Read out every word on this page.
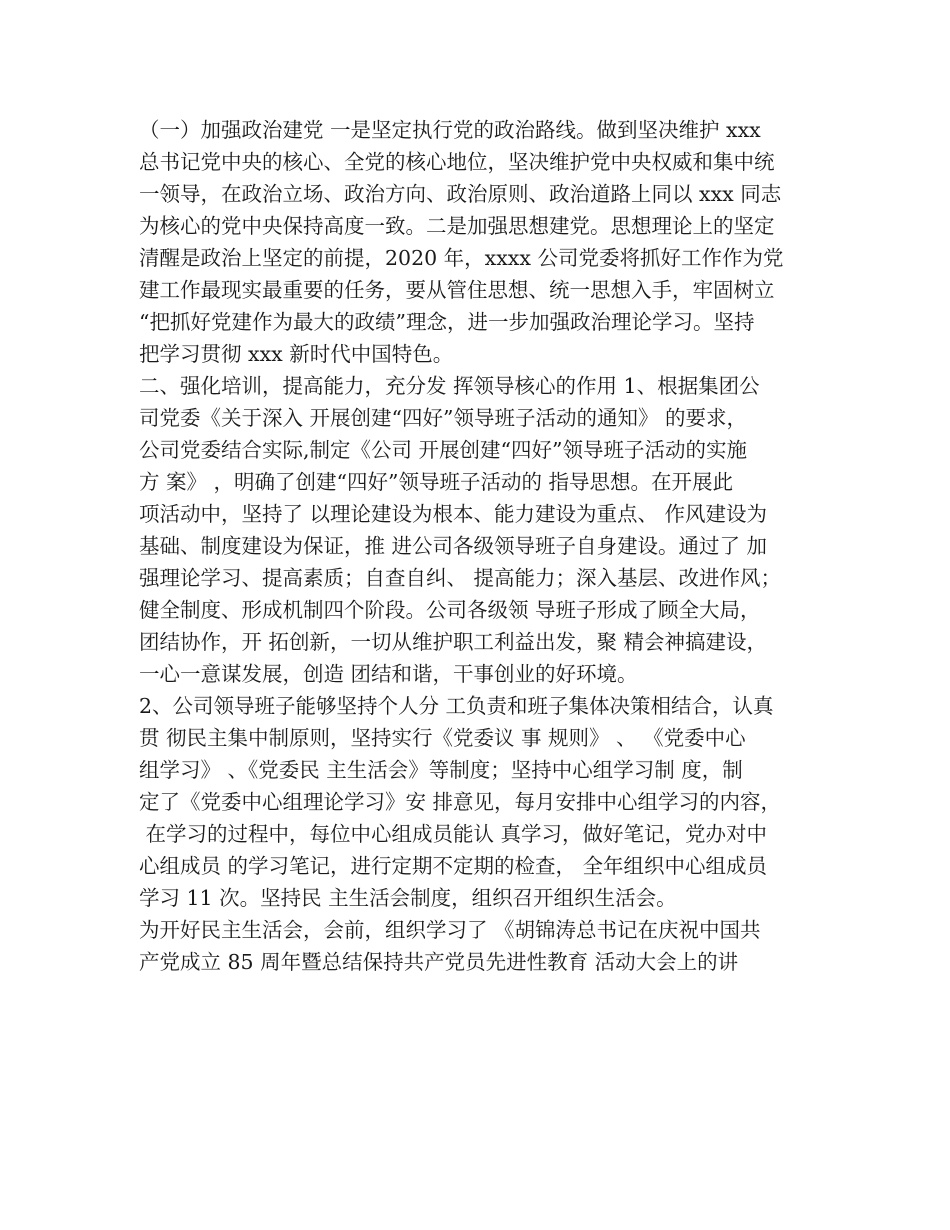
（一）加强政治建党 一是坚定执行党的政治路线。做到坚决维护 xxx
总书记党中央的核心、全党的核心地位，坚决维护党中央权威和集中统
一领导，在政治立场、政治方向、政治原则、政治道路上同以 xxx 同志
为核心的党中央保持高度一致。二是加强思想建党。思想理论上的坚定
清醒是政治上坚定的前提，2020 年，xxxx 公司党委将抓好工作作为党
建工作最现实最重要的任务，要从管住思想、统一思想入手，牢固树立
“把抓好党建作为最大的政绩”理念，进一步加强政治理论学习。坚持
把学习贯彻 xxx 新时代中国特色。
二、强化培训，提高能力，充分发 挥领导核心的作用 1、根据集团公
司党委《关于深入 开展创建“四好”领导班子活动的通知》 的要求，
公司党委结合实际,制定《公司 开展创建“四好”领导班子活动的实施
方 案》 ，明确了创建“四好”领导班子活动的 指导思想。在开展此
项活动中，坚持了 以理论建设为根本、能力建设为重点、 作风建设为
基础、制度建设为保证，推 进公司各级领导班子自身建设。通过了 加
强理论学习、提高素质；自查自纠、 提高能力；深入基层、改进作风；
健全制度、形成机制四个阶段。公司各级领 导班子形成了顾全大局，
团结协作，开 拓创新，一切从维护职工利益出发，聚 精会神搞建设，
一心一意谋发展，创造 团结和谐，干事创业的好环境。
2、公司领导班子能够坚持个人分 工负责和班子集体决策相结合，认真
贯 彻民主集中制原则，坚持实行《党委议 事 规则》 、 《党委中心
组学习》 、《党委民 主生活会》等制度；坚持中心组学习制 度，制
定了《党委中心组理论学习》安 排意见，每月安排中心组学习的内容，
在学习的过程中，每位中心组成员能认 真学习，做好笔记，党办对中
心组成员 的学习笔记，进行定期不定期的检查， 全年组织中心组成员
学习 11 次。坚持民 主生活会制度，组织召开组织生活会。
为开好民主生活会，会前，组织学习了 《胡锦涛总书记在庆祝中国共
产党成立 85 周年暨总结保持共产党员先进性教育 活动大会上的讲
